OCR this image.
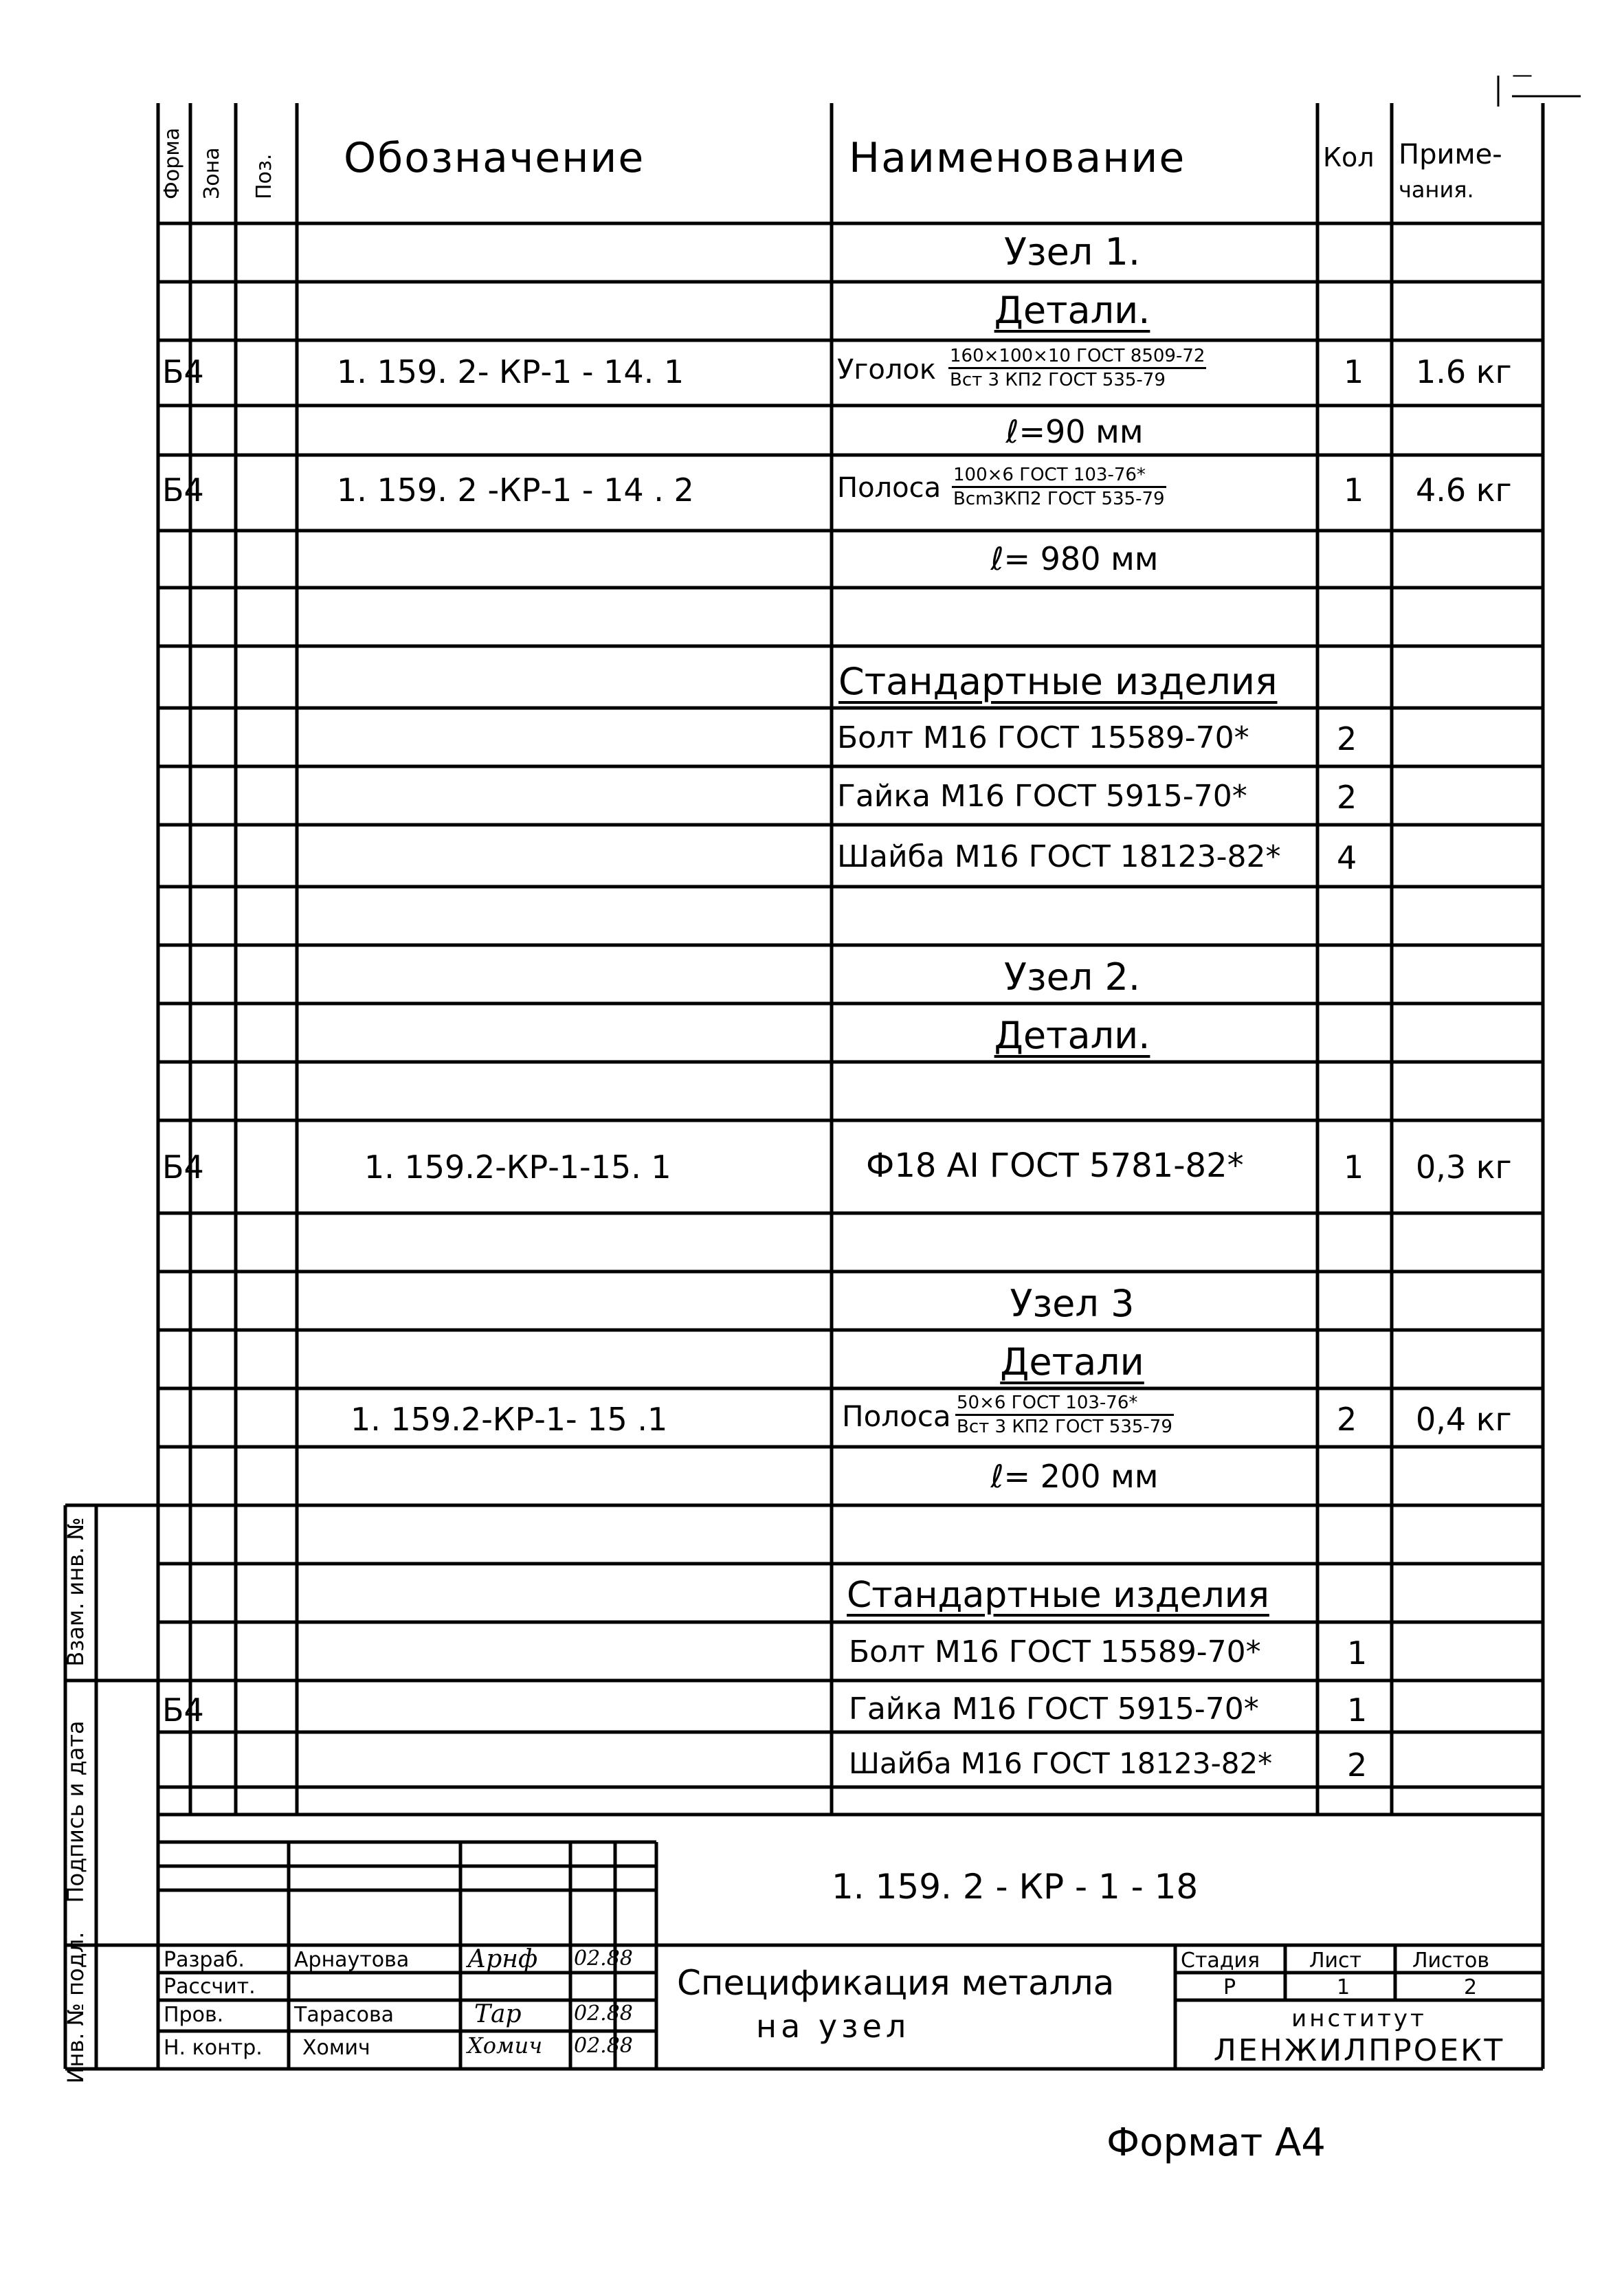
—
Форма Зона Поз. Обозначение	Наименование	Кол Приме-
чания.
Узел 1.
Детали.
Б4	1. 159. 2- КР-1 - 14. 1	Уголок 160×100×10 ГОСТ 8509-72
Вст 3 КП2 ГОСТ 535-79	1 1.6 кг
ℓ=90 мм
Б4	1. 159. 2 -КР-1 - 14 . 2	Полоса 100×6 ГОСТ 103-76*
Всm3КП2 ГОСТ 535-79	1 4.6 кг
ℓ= 980 мм
Стандартные изделия
Болт М16 ГОСТ 15589-70*	2
Гайка М16 ГОСТ 5915-70*	2
Шайба М16 ГОСТ 18123-82* 4
Узел 2.
Детали.
Б4	1. 159.2-КР-1-15. 1	Ф18 АI ГОСТ 5781-82*	1 0,3 кг
Узел 3
Детали
1. 159.2-КР-1- 15 .1	Полоса 50×6 ГОСТ 103-76*
Вст 3 КП2 ГОСТ 535-79	2 0,4 кг
ℓ= 200 мм
Стандартные изделия
Болт М16 ГОСТ 15589-70*	1
Б4	Гайка М16 ГОСТ 5915-70*	1
Шайба М16 ГОСТ 18123-82* 2
Взам. инв. №
Подпись и дата
Инв. № подл.
1. 159. 2 - КР - 1 - 18
Разраб. Арнаутова Арнф 02.88
Рассчит.
Пров.	Тарасова	Тар	02.88
Н. контр. Хомич	Хомич 02.88
Спецификация металла
на узел
Стадия Лист Листов
Р	1	2
институт
ЛЕНЖИЛПРОЕКТ
Формат А4
